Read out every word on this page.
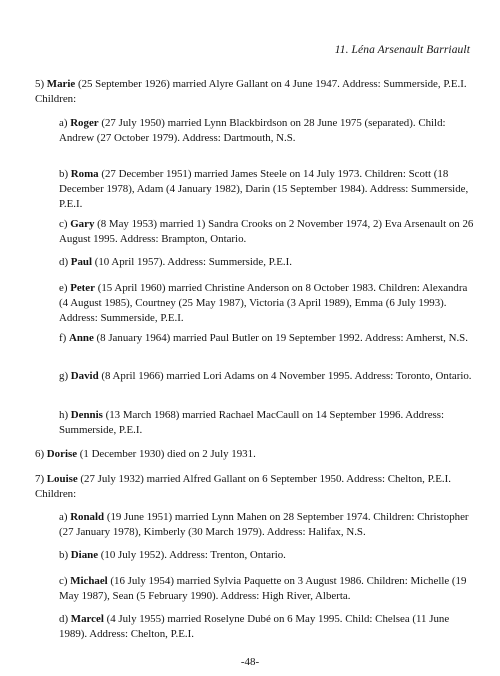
11. Léna Arsenault Barriault

5) Marie (25 September 1926) married Alyre Gallant on 4 June 1947. Address: Summerside, P.E.I. Children:

a) Roger (27 July 1950) married Lynn Blackbirdson on 28 June 1975 (separated). Child: Andrew (27 October 1979). Address: Dartmouth, N.S.

b) Roma (27 December 1951) married James Steele on 14 July 1973. Children: Scott (18 December 1978), Adam (4 January 1982), Darin (15 September 1984). Address: Summerside, P.E.I.

c) Gary (8 May 1953) married 1) Sandra Crooks on 2 November 1974, 2) Eva Arsenault on 26 August 1995. Address: Brampton, Ontario.

d) Paul (10 April 1957). Address: Summerside, P.E.I.

e) Peter (15 April 1960) married Christine Anderson on 8 October 1983. Children: Alexandra (4 August 1985), Courtney (25 May 1987), Victoria (3 April 1989), Emma (6 July 1993). Address: Summerside, P.E.I.

f) Anne (8 January 1964) married Paul Butler on 19 September 1992. Address: Amherst, N.S.

g) David (8 April 1966) married Lori Adams on 4 November 1995. Address: Toronto, Ontario.

h) Dennis (13 March 1968) married Rachael MacCaull on 14 September 1996. Address: Summerside, P.E.I.

6) Dorise (1 December 1930) died on 2 July 1931.

7) Louise (27 July 1932) married Alfred Gallant on 6 September 1950. Address: Chelton, P.E.I. Children:

a) Ronald (19 June 1951) married Lynn Mahen on 28 September 1974. Children: Christopher (27 January 1978), Kimberly (30 March 1979). Address: Halifax, N.S.

b) Diane (10 July 1952). Address: Trenton, Ontario.

c) Michael (16 July 1954) married Sylvia Paquette on 3 August 1986. Children: Michelle (19 May 1987), Sean (5 February 1990). Address: High River, Alberta.

d) Marcel (4 July 1955) married Roselyne Dubé on 6 May 1995. Child: Chelsea (11 June 1989). Address: Chelton, P.E.I.

-48-
